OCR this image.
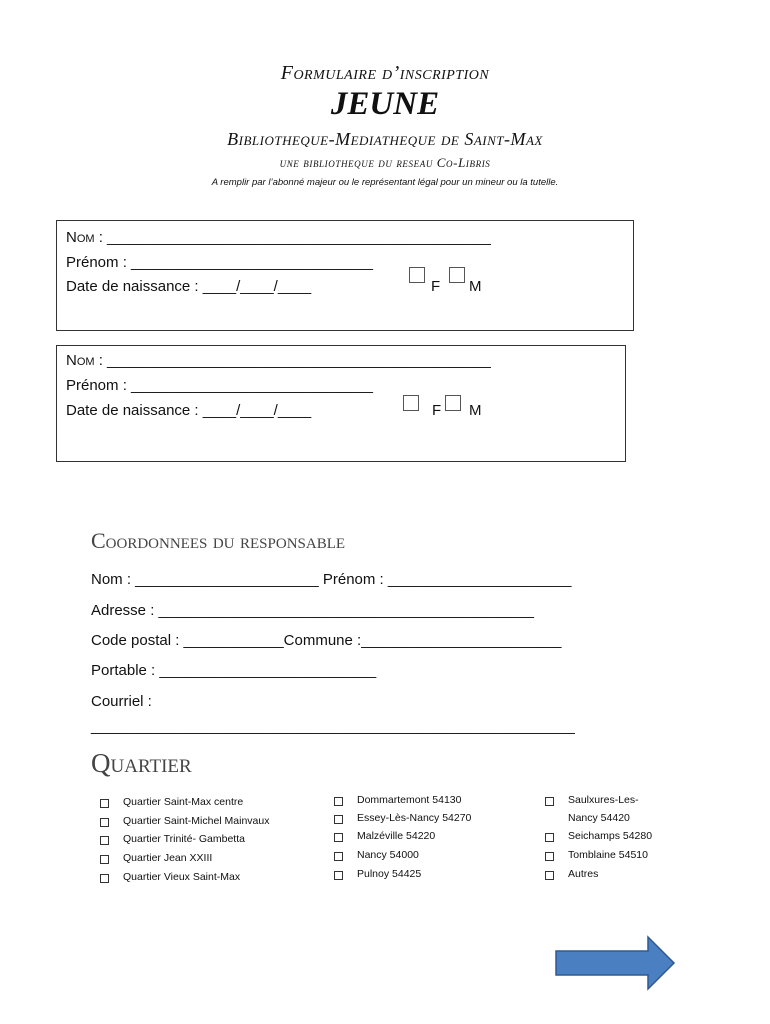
Formulaire d’inscription
JEUNE
Bibliotheque-Mediatheque de Saint-Max
une bibliotheque du reseau Co-Libris
A remplir par l’abonné majeur ou le représentant légal pour un mineur ou la tutelle.
Nom : ______________________________________________
Prénom : _____________________________
Date de naissance : ____/____/____	F M
Nom : ______________________________________________
Prénom : _____________________________
Date de naissance : ____/____/____	F M
Coordonnees du responsable
Nom : ______________________ Prénom : ______________________
Adresse : _____________________________________________
Code postal : ____________Commune :________________________
Portable : __________________________
Courriel :
__________________________________________________________
Quartier
Quartier Saint-Max centre
Quartier Saint-Michel Mainvaux
Quartier Trinité- Gambetta
Quartier Jean XXIII
Quartier Vieux Saint-Max
Dommartemont 54130
Essey-Lès-Nancy 54270
Malzéville 54220
Nancy 54000
Pulnoy 54425
Saulxures-Les-
Nancy 54420
Seichamps 54280
Tomblaine 54510
Autres
